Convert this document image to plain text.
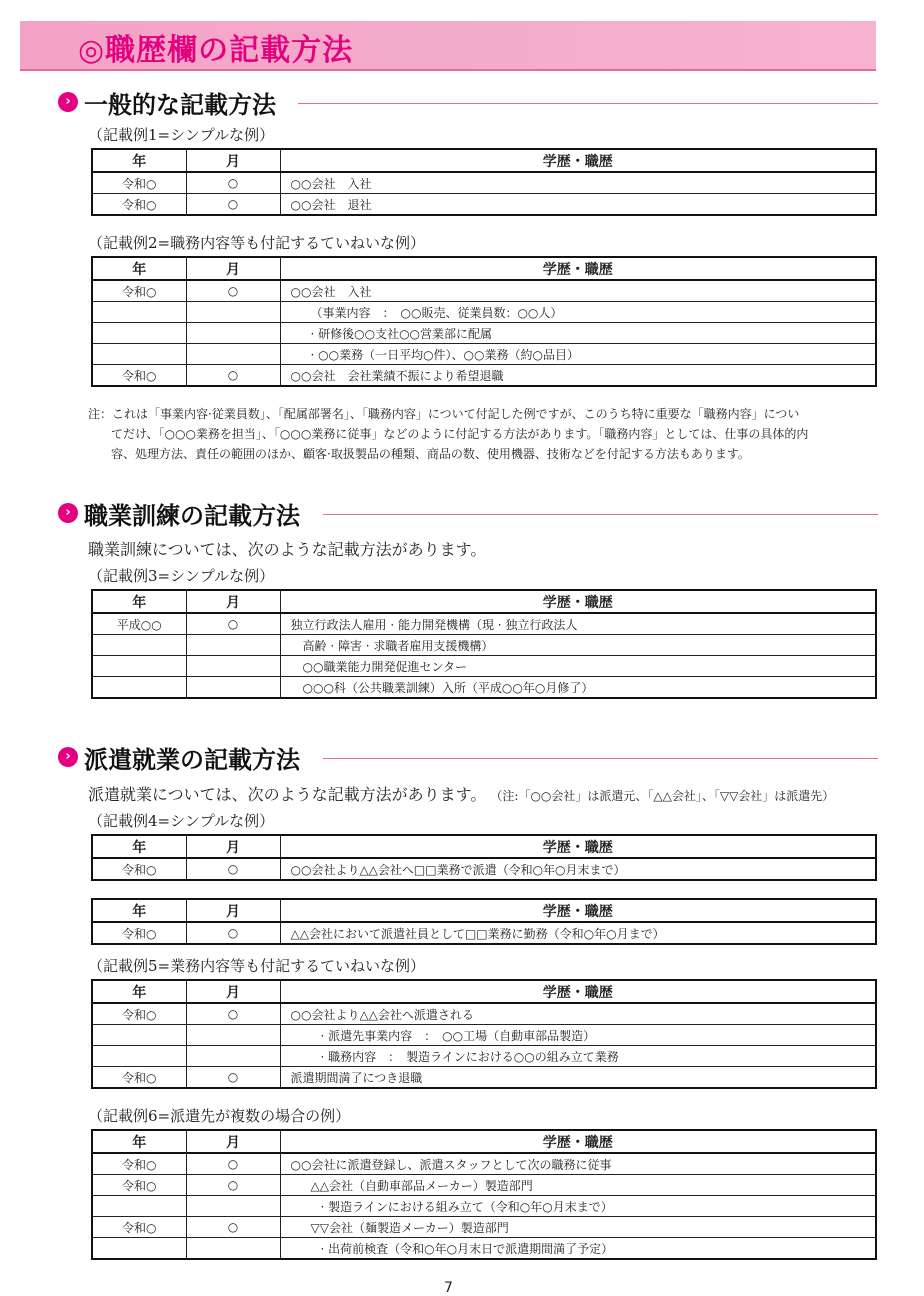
◎職歴欄の記載方法
› 一般的な記載方法
（記載例1=シンプルな例）
年	月	学歴・職歴
令和○	○	○○会社　入社
令和○	○	○○会社　退社
（記載例2=職務内容等も付記するていねいな例）
年	月	学歴・職歴
令和○	○	○○会社　入社
		（事業内容　：　○○販売、従業員数：○○人）
		· 研修後○○支社○○営業部に配属
		· ○○業務（一日平均○件）、○○業務（約○品目）
令和○	○	○○会社　会社業績不振により希望退職
注：これは「事業内容·従業員数」、「配属部署名」、「職務内容」について付記した例ですが、このうち特に重要な「職務内容」につい
てだけ、「○○○業務を担当」、「○○○業務に従事」などのように付記する方法があります。「職務内容」としては、仕事の具体的内
容、処理方法、責任の範囲のほか、顧客·取扱製品の種類、商品の数、使用機器、技術などを付記する方法もあります。
› 職業訓練の記載方法
職業訓練については、次のような記載方法があります。
（記載例3=シンプルな例）
年	月	学歴・職歴
平成○○	○	独立行政法人雇用 · 能力開発機構（現 · 独立行政法人
		高齢 · 障害 · 求職者雇用支援機構）
		○○職業能力開発促進センター
		○○○科（公共職業訓練）入所（平成○○年○月修了）
› 派遣就業の記載方法
派遣就業については、次のような記載方法があります。 （注:「○○会社」は派遣元、「△△会社」、「▽▽会社」は派遣先）
（記載例4=シンプルな例）
年	月	学歴・職歴
令和○	○	○○会社より△△会社へ□□業務で派遣（令和○年○月末まで）
年	月	学歴・職歴
令和○	○	△△会社において派遣社員として□□業務に勤務（令和○年○月まで）
（記載例5=業務内容等も付記するていねいな例）
年	月	学歴・職歴
令和○	○	○○会社より△△会社へ派遣される
		· 派遣先事業内容　：　○○工場（自動車部品製造）
		· 職務内容　：　製造ラインにおける○○の組み立て業務
令和○	○	派遣期間満了につき退職
（記載例6=派遣先が複数の場合の例）
年	月	学歴・職歴
令和○	○	○○会社に派遣登録し、派遣スタッフとして次の職務に従事
令和○	○	△△会社（自動車部品メーカー）製造部門
		· 製造ラインにおける組み立て（令和○年○月末まで）
令和○	○	▽▽会社（麺製造メーカー）製造部門
		· 出荷前検査（令和○年○月末日で派遣期間満了予定）
7
